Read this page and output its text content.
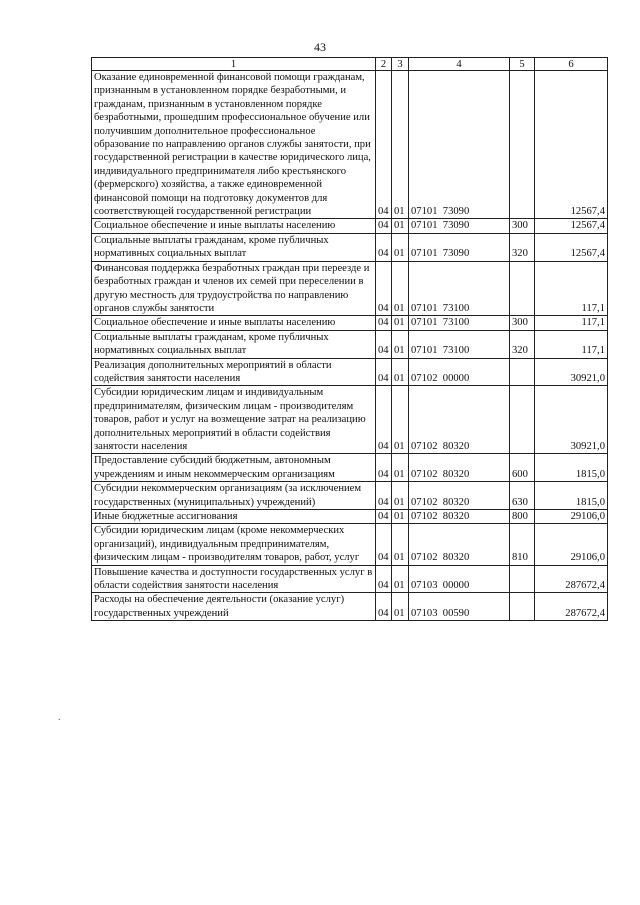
43
.
1	2	3	4	5	6
Оказание единовременной финансовой помощи гражданам, признанным в установленном порядке безработными, и гражданам, признанным в установленном порядке безработными, прошедшим профессиональное обучение или получившим дополнительное профессиональное образование по направлению органов службы занятости, при государственной регистрации в качестве юридического лица, индивидуального предпринимателя либо крестьянского (фермерского) хозяйства, а также единовременной финансовой помощи на подготовку документов для соответствующей государственной регистрации	04	01	07101  73090		12567,4
Социальное обеспечение и иные выплаты населению	04	01	07101  73090	300	12567,4
Социальные выплаты гражданам, кроме публичных нормативных социальных выплат	04	01	07101  73090	320	12567,4
Финансовая поддержка безработных граждан при переезде и безработных граждан и членов их семей при переселении в другую местность для трудоустройства по направлению органов службы занятости	04	01	07101  73100		117,1
Социальное обеспечение и иные выплаты населению	04	01	07101  73100	300	117,1
Социальные выплаты гражданам, кроме публичных нормативных социальных выплат	04	01	07101  73100	320	117,1
Реализация дополнительных мероприятий в области содействия занятости населения	04	01	07102  00000		30921,0
Субсидии юридическим лицам и индивидуальным предпринимателям, физическим лицам - производителям товаров, работ и услуг на возмещение затрат на реализацию дополнительных мероприятий в области содействия занятости населения	04	01	07102  80320		30921,0
Предоставление субсидий бюджетным, автономным учреждениям и иным некоммерческим организациям	04	01	07102  80320	600	1815,0
Субсидии некоммерческим организациям (за исключением государственных (муниципальных) учреждений)	04	01	07102  80320	630	1815,0
Иные бюджетные ассигнования	04	01	07102  80320	800	29106,0
Субсидии юридическим лицам (кроме некоммерческих организаций), индивидуальным предпринимателям, физическим лицам - производителям товаров, работ, услуг	04	01	07102  80320	810	29106,0
Повышение качества и доступности государственных услуг в области содействия занятости населения	04	01	07103  00000		287672,4
Расходы на обеспечение деятельности (оказание услуг) государственных учреждений	04	01	07103  00590		287672,4
